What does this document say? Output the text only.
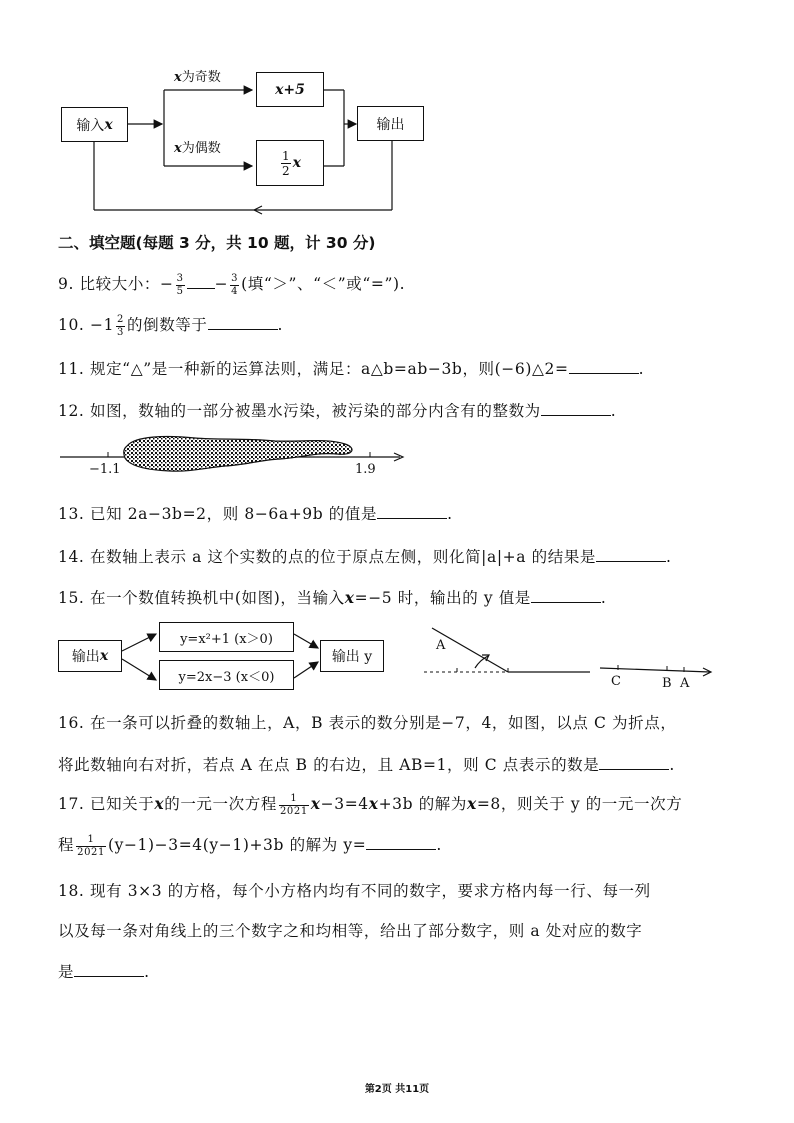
输入 x
x为奇数
x为偶数
x+5
$\frac{1}{2}$ x
输出
二、填空题(每题 3 分，共 10 题，计 30 分)
9. 比较大小：− $\frac{3}{5} - \frac{3}{4}$ (填“＞”、“＜”或“=”).
10. $-1 \frac{2}{3}$ 的倒数等于	.
11. 规定“△”是一种新的运算法则，满足：a△b=ab−3b，则(−6)△2=	.
12. 如图，数轴的一部分被墨水污染，被污染的部分内含有的整数为	.
−1.1	1.9
13. 已知 2a−3b=2，则 8−6a+9b 的值是	.
14. 在数轴上表示 a 这个实数的点的位于原点左侧，则化简|a|+a 的结果是	.
15. 在一个数值转换机中(如图)，当输入x=−5 时，输出的 y 值是	.
输出 x
y=x²+1 (x＞0)
y=2x−3 (x＜0)
输出 y
A
C	B A
16. 在一条可以折叠的数轴上，A，B 表示的数分别是−7，4，如图，以点 C 为折点，
将此数轴向右对折，若点 A 在点 B 的右边，且 AB=1，则 C 点表示的数是	.
17. 已知关于x的一元一次方程 $\frac{1}{2021} x-3=4x+3b$ 的解为x=8，则关于 y 的一元一次方
程 $\frac{1}{2021} (y-1)-3=4(y-1)+3b$ 的解为 y=	.
18. 现有 3×3 的方格，每个小方格内均有不同的数字，要求方格内每一行、每一列
以及每一条对角线上的三个数字之和均相等，给出了部分数字，则 a 处对应的数字
是	.
第2页 共11页
